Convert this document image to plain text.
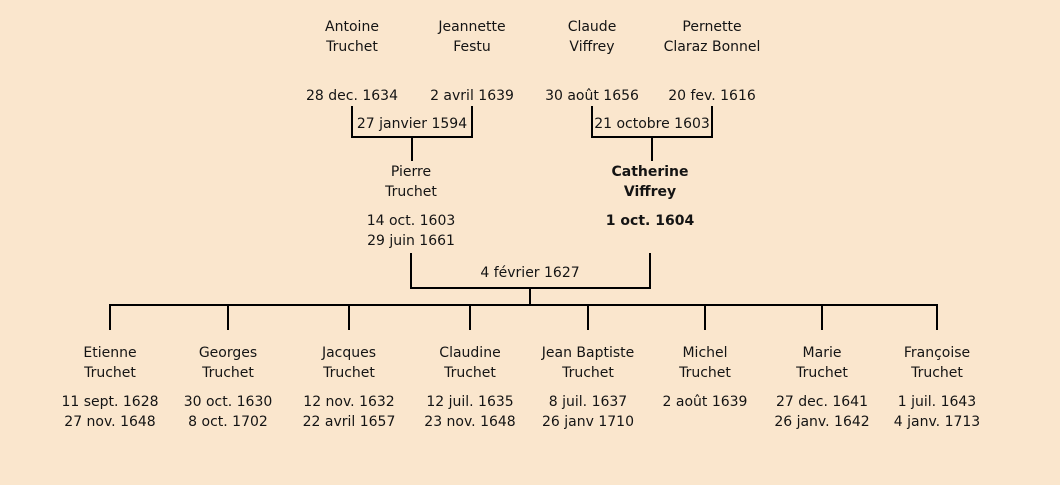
Antoine
Truchet
28 dec. 1634
Jeannette
Festu
2 avril 1639
Claude
Viffrey
30 août 1656
Pernette
Claraz Bonnel
20 fev. 1616
27 janvier 1594	21 octobre 1603
4 février 1627
Pierre
Truchet
14 oct. 1603
29 juin 1661
Catherine
Viffrey
1 oct. 1604
Etienne
Truchet
11 sept. 1628
27 nov. 1648
Georges
Truchet
30 oct. 1630
8 oct. 1702
Jacques
Truchet
12 nov. 1632
22 avril 1657
Claudine
Truchet
12 juil. 1635
23 nov. 1648
Jean Baptiste
Truchet
8 juil. 1637
26 janv 1710
Michel
Truchet
2 août 1639
Marie
Truchet
27 dec. 1641
26 janv. 1642
Françoise
Truchet
1 juil. 1643
4 janv. 1713
